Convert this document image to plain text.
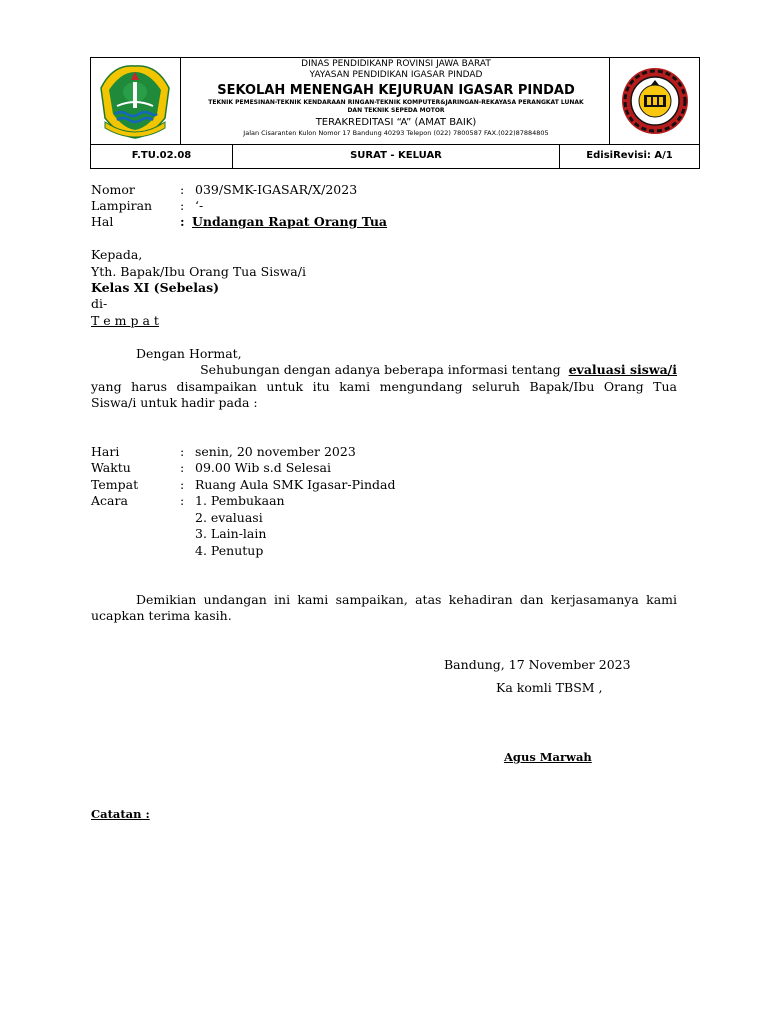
DINAS PENDIDIKANP ROVINSI JAWA BARAT
YAYASAN PENDIDIKAN IGASAR PINDAD
SEKOLAH MENENGAH KEJURUAN IGASAR PINDAD
TEKNIK PEMESINAN-TEKNIK KENDARAAN RINGAN-TEKNIK KOMPUTER&JARINGAN-REKAYASA PERANGKAT LUNAK
DAN TEKNIK SEPEDA MOTOR
TERAKREDITASI “A” (AMAT BAIK)
Jalan Cisaranten Kulon Nomor 17 Bandung 40293 Telepon (022) 7800587 FAX.(022)87884805
F.TU.02.08	SURAT - KELUAR	EdisiRevisi: A/1
Nomor	: 039/SMK-IGASAR/X/2023
Lampiran : ‘-
Hal	: Undangan Rapat Orang Tua
Kepada,
Yth. Bapak/Ibu Orang Tua Siswa/i
Kelas XI (Sebelas)
di-
T e m p a t
Dengan Hormat,
Sehubungan dengan adanya beberapa informasi tentang evaluasi siswa/i
yang harus disampaikan untuk itu kami mengundang seluruh Bapak/Ibu Orang Tua
Siswa/i untuk hadir pada :
Hari	: senin, 20 november 2023
Waktu	: 09.00 Wib s.d Selesai
Tempat	: Ruang Aula SMK Igasar-Pindad
Acara	: 1. Pembukaan
2. evaluasi
3. Lain-lain
4. Penutup
Demikian undangan ini kami sampaikan, atas kehadiran dan kerjasamanya kami
ucapkan terima kasih.
Bandung, 17 November 2023
Ka komli TBSM ,
Agus Marwah
Catatan :
